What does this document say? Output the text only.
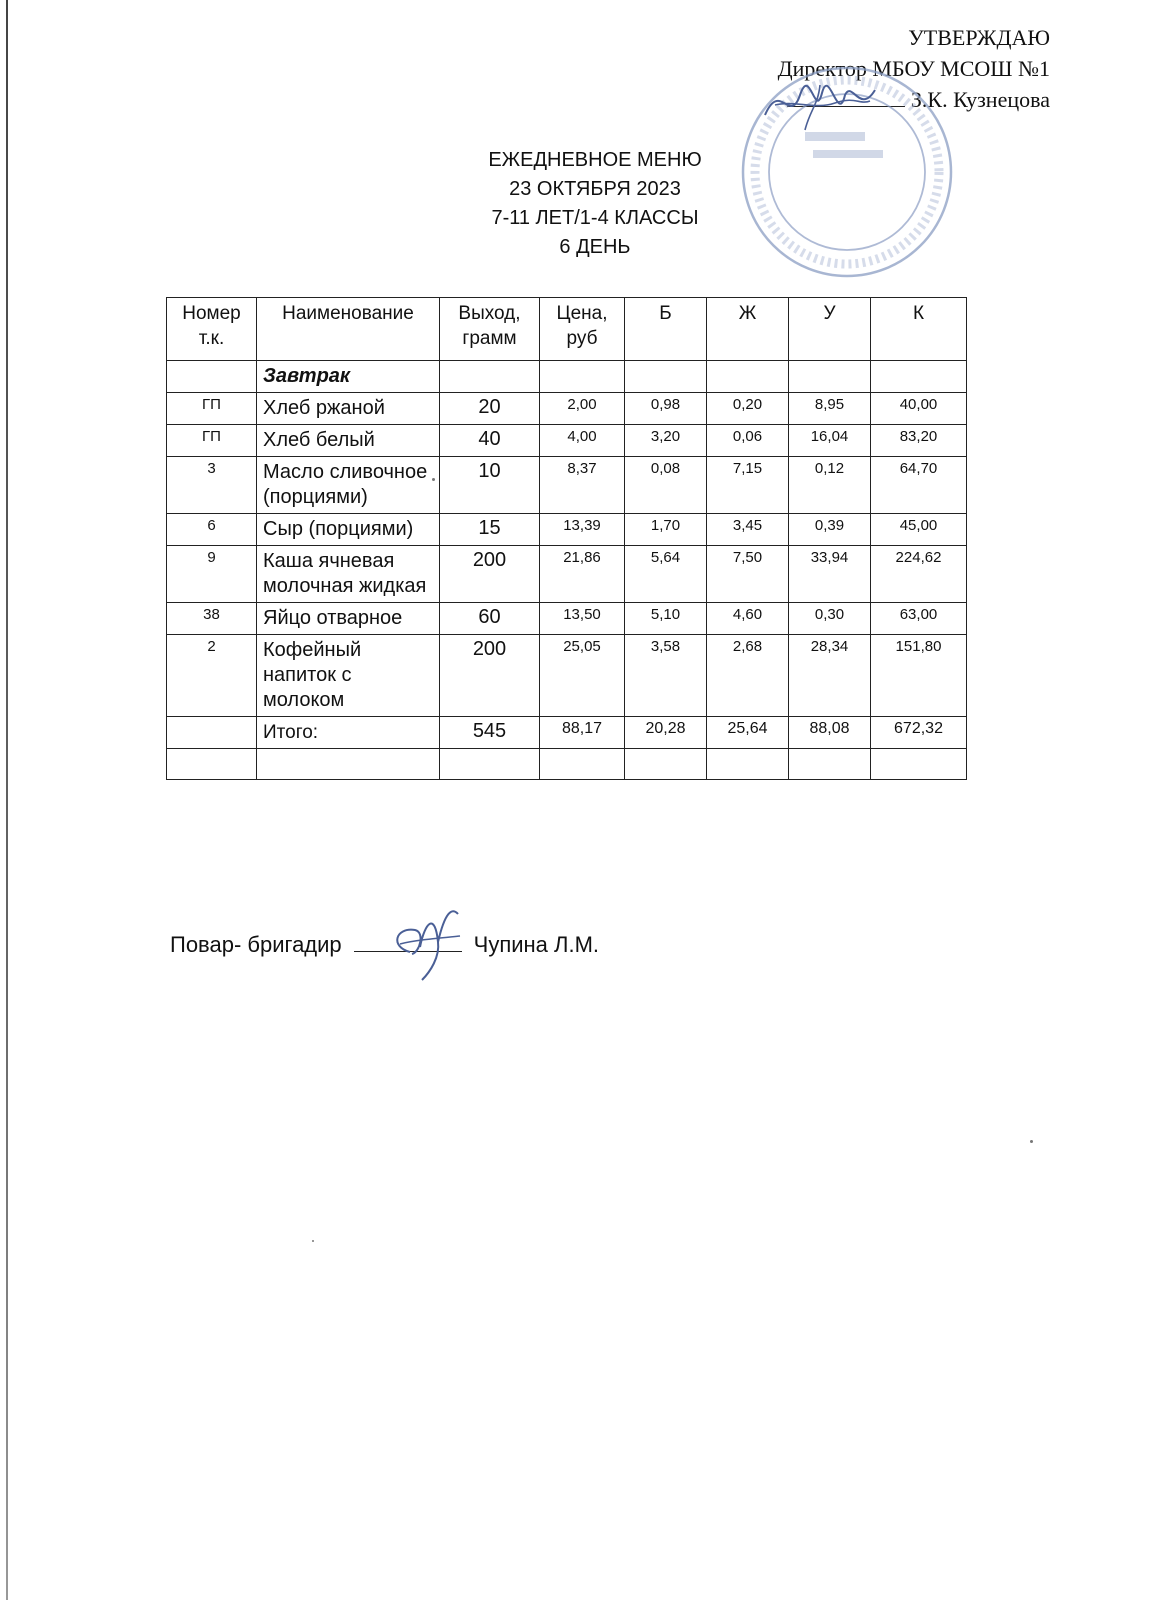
УТВЕРЖДАЮ
Директор МБОУ МСОШ №1
З.К. Кузнецова
ЕЖЕДНЕВНОЕ МЕНЮ
23 ОКТЯБРЯ 2023
7-11 ЛЕТ/1-4 КЛАССЫ
6 ДЕНЬ
Номер т.к.	Наименование	Выход, грамм	Цена, руб	Б	Ж	У	К
	Завтрак						
ГП	Хлеб ржаной	20	2,00	0,98	0,20	8,95	40,00
ГП	Хлеб белый	40	4,00	3,20	0,06	16,04	83,20
3	Масло сливочное (порциями)	10	8,37	0,08	7,15	0,12	64,70
6	Сыр (порциями)	15	13,39	1,70	3,45	0,39	45,00
9	Каша ячневая молочная жидкая	200	21,86	5,64	7,50	33,94	224,62
38	Яйцо отварное	60	13,50	5,10	4,60	0,30	63,00
2	Кофейный напиток с молоком	200	25,05	3,58	2,68	28,34	151,80
	Итого:	545	88,17	20,28	25,64	88,08	672,32

Повар- бригадир	Чупина Л.М.
